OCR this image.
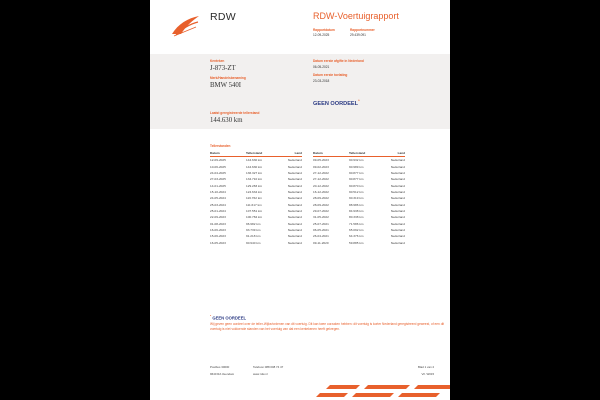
RDW	RDW-Voertuigrapport
Rapportdatum
12-09-2025
Rapportnummer
29.439.091
Kenteken
J-873-ZT
Merk/Handelsbenaming
BMW 540I
Laatst geregistreerde tellerstand
144.630 km
Datum eerste afgifte in Nederland
06-05-2021
Datum eerste toelating
23-03-2018
GEEN OORDEEL*
Tellerstanden
Datum	Tellerstand	Land
12-09-2025	144.630 km	Nederland
10-06-2025	144.630 km	Nederland
24-04-2025	136.327 km	Nederland
27-03-2025	134.710 km	Nederland
14-01-2025	129.283 km	Nederland
15-10-2024	124.634 km	Nederland
24-05-2024	116.762 km	Nederland
25-03-2024	111.617 km	Nederland
25-01-2024	107.551 km	Nederland
22-09-2023	100.784 km	Nederland
01-08-2023	96.982 km	Nederland
16-06-2023	93.739 km	Nederland
15-06-2023	91.218 km	Nederland
16-05-2023	90.940 km	Nederland
Datum	Tellerstand	Land
09-05-2023	90.932 km	Nederland
09-02-2023	90.989 km	Nederland
27-12-2022	90.877 km	Nederland
27-12-2022	90.877 km	Nederland
20-12-2022	90.870 km	Nederland
16-12-2022	90.512 km	Nederland
28-09-2022	90.319 km	Nederland
28-09-2022	88.986 km	Nederland
29-07-2022	84.938 km	Nederland
31-05-2022	80.338 km	Nederland
25-07-2021	71.586 km	Nederland
06-05-2021	65.092 km	Nederland
26-04-2021	64.376 km	Nederland
09-11-2020	59.885 km	Nederland
* GEEN OORDEEL
Wij geven geen oordeel over de teller-Wijke/ordenen van dit voertuig. Dit kan twee oorzaken hebben: dit voertuig is korter Nederland geregistreerd geweest, of een dit voertuig is niet voldoende standen van het voertuig van dat een kentekenen heeft gekregen.
Postbus 30000
9640 RA Veendam
Telefoon 088 008 74 47
www.rdw.nl
Blad 1 van 2
Vrl. W015
